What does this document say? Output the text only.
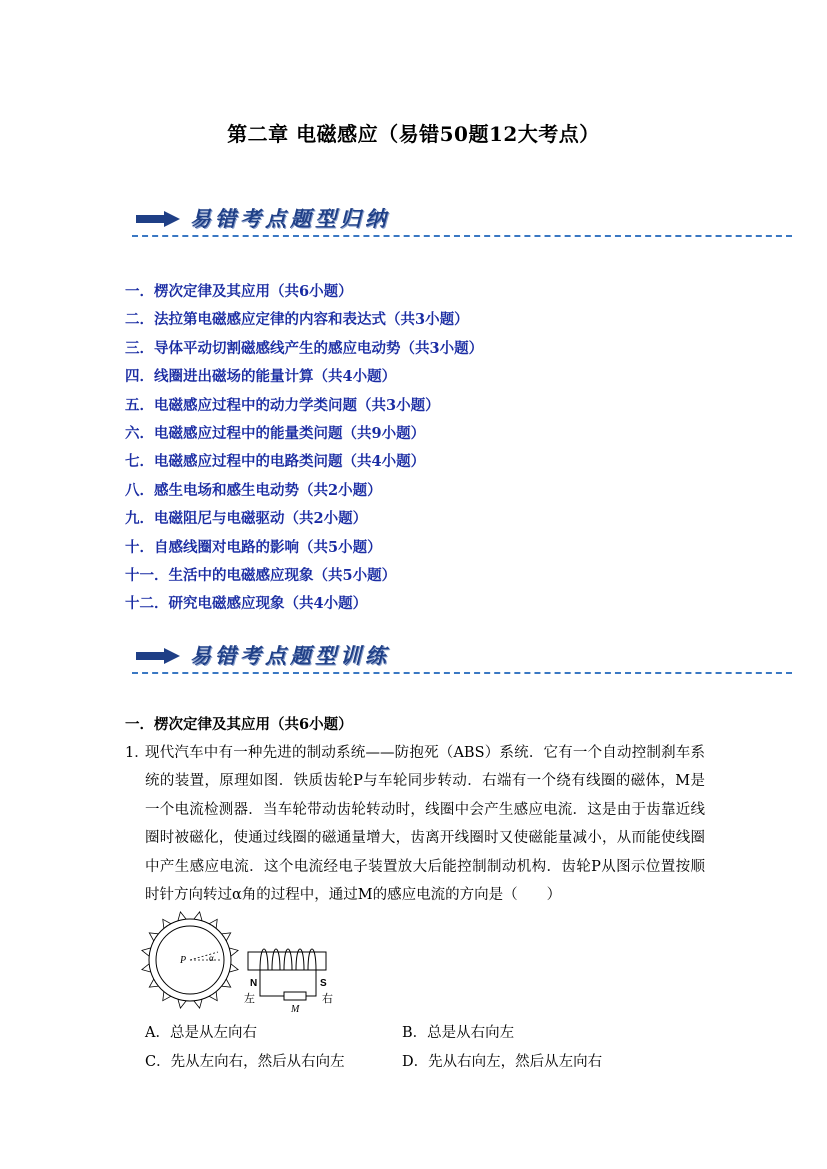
第二章 电磁感应（易错50题12大考点）
易错考点题型归纳
一．楞次定律及其应用（共6小题）
二．法拉第电磁感应定律的内容和表达式（共3小题）
三．导体平动切割磁感线产生的感应电动势（共3小题）
四．线圈进出磁场的能量计算（共4小题）
五．电磁感应过程中的动力学类问题（共3小题）
六．电磁感应过程中的能量类问题（共9小题）
七．电磁感应过程中的电路类问题（共4小题）
八．感生电场和感生电动势（共2小题）
九．电磁阻尼与电磁驱动（共2小题）
十．自感线圈对电路的影响（共5小题）
十一．生活中的电磁感应现象（共5小题）
十二．研究电磁感应现象（共4小题）
易错考点题型训练
一．楞次定律及其应用（共6小题）
1．
现代汽车中有一种先进的制动系统——防抱死（ABS）系统．它有一个自动控制刹车系统的装置，原理如图．铁质齿轮P与车轮同步转动．右端有一个绕有线圈的磁体，M是一个电流检测器．当车轮带动齿轮转动时，线圈中会产生感应电流．这是由于齿靠近线圈时被磁化，使通过线圈的磁通量增大，齿离开线圈时又使磁能量减小，从而能使线圈中产生感应电流．这个电流经电子装置放大后能控制制动机构．齿轮P从图示位置按顺时针方向转过α角的过程中，通过M的感应电流的方向是（　　）
P	α
N	S
左	右
M
A．总是从左向右	B．总是从右向左
C．先从左向右，然后从右向左	D．先从右向左，然后从左向右
